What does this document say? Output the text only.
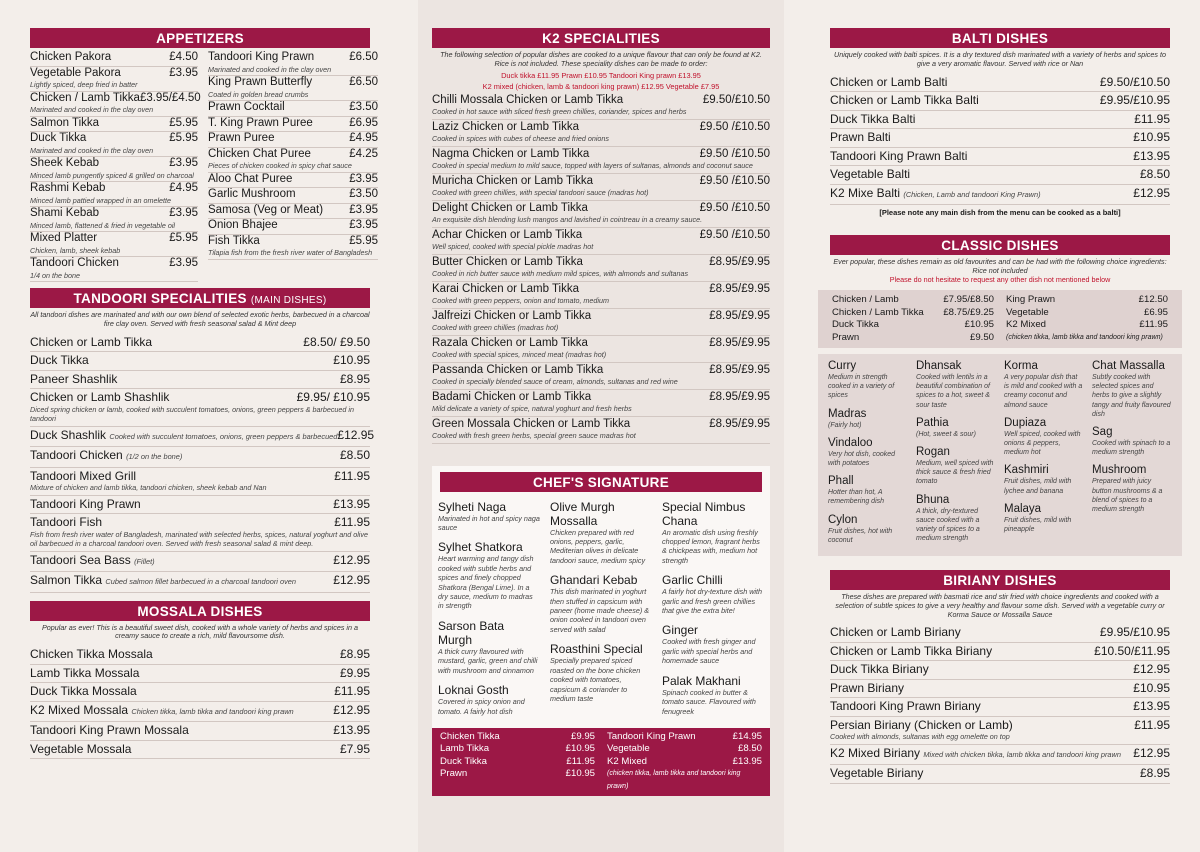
APPETIZERS
Chicken Pakora	£4.50
Vegetable Pakora	£3.95
Lightly spiced, deep fried in batter
Chicken / Lamb Tikka £3.95/£4.50
Marinated and cooked in the clay oven
Salmon Tikka	£5.95
Duck Tikka	£5.95
Marinated and cooked in the clay oven
Sheek Kebab	£3.95
Minced lamb pungently spiced & grilled on charcoal
Rashmi Kebab	£4.95
Minced lamb pattied wrapped in an omelette
Shami Kebab	£3.95
Minced lamb, flattened & fried in vegetable oil
Mixed Platter	£5.95
Chicken, lamb, sheek kebab
Tandoori Chicken	£3.95
1/4 on the bone
Tandoori King Prawn	£6.50
Marinated and cooked in the clay oven
King Prawn Butterfly	£6.50
Coated in golden bread crumbs
Prawn Cocktail	£3.50
T. King Prawn Puree	£6.95
Prawn Puree	£4.95
Chicken Chat Puree	£4.25
Pieces of chicken cooked in spicy chat sauce
Aloo Chat Puree	£3.95
Garlic Mushroom	£3.50
Samosa (Veg or Meat) £3.95
Onion Bhajee	£3.95
Fish Tikka	£5.95
Tilapia fish from the fresh river water of Bangladesh
TANDOORI SPECIALITIES (MAIN DISHES)
All tandoori dishes are marinated and with our own blend of selected exotic herbs, barbecued in a charcoal fire clay oven. Served with fresh seasonal salad & Mint deep
Chicken or Lamb Tikka	£8.50/ £9.50
Duck Tikka	£10.95
Paneer Shashlik	£8.95
Chicken or Lamb Shashlik	£9.95/ £10.95
Diced spring chicken or lamb, cooked with succulent tomatoes, onions, green peppers & barbecued in tandoori
Duck Shashlik Cooked with succulent tomatoes, onions, green peppers & barbecued £12.95
Tandoori Chicken (1/2 on the bone)	£8.50
Tandoori Mixed Grill	£11.95
Mixture of chicken and lamb tikka, tandoori chicken, sheek kebab and Nan
Tandoori King Prawn	£13.95
Tandoori Fish	£11.95
Fish from fresh river water of Bangladesh, marinated with selected herbs, spices, natural yoghurt and olive oil barbecued in a charcoal tandoori oven. Served with fresh seasonal salad & mint deep.
Tandoori Sea Bass (Fillet)	£12.95
Salmon Tikka Cubed salmon fillet barbecued in a charcoal tandoori oven	£12.95
MOSSALA DISHES
Popular as ever! This is a beautiful sweet dish, cooked with a whole variety of herbs and spices in a creamy sauce to create a rich, mild flavoursome dish.
Chicken Tikka Mossala	£8.95
Lamb Tikka Mossala	£9.95
Duck Tikka Mossala	£11.95
K2 Mixed Mossala Chicken tikka, lamb tikka and tandoori king prawn	£12.95
Tandoori King Prawn Mossala	£13.95
Vegetable Mossala	£7.95
K2 SPECIALITIES
The following selection of popular dishes are cooked to a unique flavour that can only be found at K2. Rice is not included. These speciality dishes can be made to order:
Duck tikka £11.95 Prawn £10.95 Tandoori King prawn £13.95
K2 mixed (chicken, lamb & tandoori king prawn) £12.95 Vegetable £7.95
Chilli Mossala Chicken or Lamb Tikka	£9.50/£10.50
Cooked in hot sauce with sliced fresh green chillies, coriander, spices and herbs
Laziz Chicken or Lamb Tikka	£9.50 /£10.50
Cooked in spices with cubes of cheese and fried onions
Nagma Chicken or Lamb Tikka	£9.50 /£10.50
Cooked in special medium to mild sauce, topped with layers of sultanas, almonds and coconut sauce
Muricha Chicken or Lamb Tikka	£9.50 /£10.50
Cooked with green chillies, with special tandoori sauce (madras hot)
Delight Chicken or Lamb Tikka	£9.50 /£10.50
An exquisite dish blending lush mangos and lavished in cointreau in a creamy sauce.
Achar Chicken or Lamb Tikka	£9.50 /£10.50
Well spiced, cooked with special pickle madras hot
Butter Chicken or Lamb Tikka	£8.95/£9.95
Cooked in rich butter sauce with medium mild spices, with almonds and sultanas
Karai Chicken or Lamb Tikka	£8.95/£9.95
Cooked with green peppers, onion and tomato, medium
Jalfreizi Chicken or Lamb Tikka	£8.95/£9.95
Cooked with green chillies (madras hot)
Razala Chicken or Lamb Tikka	£8.95/£9.95
Cooked with special spices, minced meat (madras hot)
Passanda Chicken or Lamb Tikka	£8.95/£9.95
Cooked in specially blended sauce of cream, almonds, sultanas and red wine
Badami Chicken or Lamb Tikka	£8.95/£9.95
Mild delicate a variety of spice, natural yoghurt and fresh herbs
Green Mossala Chicken or Lamb Tikka	£8.95/£9.95
Cooked with fresh green herbs, special green sauce madras hot
CHEF'S SIGNATURE
Sylheti Naga
Marinated in hot and spicy naga sauce
Sylhet Shatkora
Heart warming and tangy dish cooked with subtle herbs and spices and finely chopped Shatkora (Bengal Lime). In a dry sauce, medium to madras in strength
Sarson Bata Murgh
A thick curry flavoured with mustard, garlic, green and chilli with mushroom and cinnamon
Loknai Gosth
Covered in spicy onion and tomato. A fairly hot dish
Olive Murgh Mossalla
Chicken prepared with red onions, peppers, garlic, Mediterian olives in delicate tandoori sauce, medium spicy
Ghandari Kebab
This dish marinated in yoghurt then stuffed in capsicum with paneer (home made cheese) & onion cooked in tandoori oven served with salad
Roasthini Special
Specially prepared spiced roasted on the bone chicken cooked with tomatoes, capsicum & coriander to medium taste
Special Nimbus Chana
An aromatic dish using freshly chopped lemon, fragrant herbs & chickpeas with, medium hot strength
Garlic Chilli
A fairly hot dry-texture dish with garlic and fresh green chillies that give the extra bite!
Ginger
Cooked with fresh ginger and garlic with special herbs and homemade sauce
Palak Makhani
Spinach cooked in butter & tomato sauce. Flavoured with fenugreek
Chicken Tikka	£9.95
Lamb Tikka	£10.95
Duck Tikka	£11.95
Prawn	£10.95
Tandoori King Prawn	£14.95
Vegetable	£8.50
K2 Mixed	£13.95
(chicken tikka, lamb tikka and tandoori king prawn)
BALTI DISHES
Uniquely cooked with balti spices. It is a dry textured dish marinated with a variety of herbs and spices to give a very aromatic flavour. Served with rice or Nan
Chicken or Lamb Balti	£9.50/£10.50
Chicken or Lamb Tikka Balti	£9.95/£10.95
Duck Tikka Balti	£11.95
Prawn Balti	£10.95
Tandoori King Prawn Balti	£13.95
Vegetable Balti	£8.50
K2 Mixe Balti (Chicken, Lamb and tandoori King Prawn)	£12.95
[Please note any main dish from the menu can be cooked as a balti]
CLASSIC DISHES
Ever popular, these dishes remain as old favourites and can be had with the following choice ingredients: Rice not included
Please do not hesitate to request any other dish not mentioned below
Chicken / Lamb	£7.95/£8.50
Chicken / Lamb Tikka £8.75/£9.25
Duck Tikka	£10.95
Prawn	£9.50
King Prawn	£12.50
Vegetable	£6.95
K2 Mixed	£11.95
(chicken tikka, lamb tikka and tandoori king prawn)
Curry
Medium in strength cooked in a variety of spices
Madras
(Fairly hot)
Vindaloo
Very hot dish, cooked with potatoes
Phall
Hotter than hot, A remembering dish
Cylon
Fruit dishes, hot with coconut
Dhansak
Cooked with lentils in a beautiful combination of spices to a hot, sweet & sour taste
Pathia
(Hot, sweet & sour)
Rogan
Medium, well spiced with thick sauce & fresh fried tomato
Bhuna
A thick, dry-textured sauce cooked with a variety of spices to a medium strength
Korma
A very popular dish that is mild and cooked with a creamy coconut and almond sauce
Dupiaza
Well spiced, cooked with onions & peppers, medium hot
Kashmiri
Fruit dishes, mild with lychee and banana
Malaya
Fruit dishes, mild with pineapple
Chat Massalla
Subtly cooked with selected spices and herbs to give a slightly tangy and fruity flavoured dish
Sag
Cooked with spinach to a medium strength
Mushroom
Prepared with juicy button mushrooms & a blend of spices to a medium strength
BIRIANY DISHES
These dishes are prepared with basmati rice and stir fried with choice ingredients and cooked with a selection of subtle spices to give a very healthy and flavour some dish. Served with a vegetable curry or Korma Sauce or Mossalla Sauce
Chicken or Lamb Biriany	£9.95/£10.95
Chicken or Lamb Tikka Biriany	£10.50/£11.95
Duck Tikka Biriany	£12.95
Prawn Biriany	£10.95
Tandoori King Prawn Biriany	£13.95
Persian Biriany (Chicken or Lamb)	£11.95
Cooked with almonds, sultanas with egg omelette on top
K2 Mixed Biriany Mixed with chicken tikka, lamb tikka and tandoori king prawn £12.95
Vegetable Biriany	£8.95
